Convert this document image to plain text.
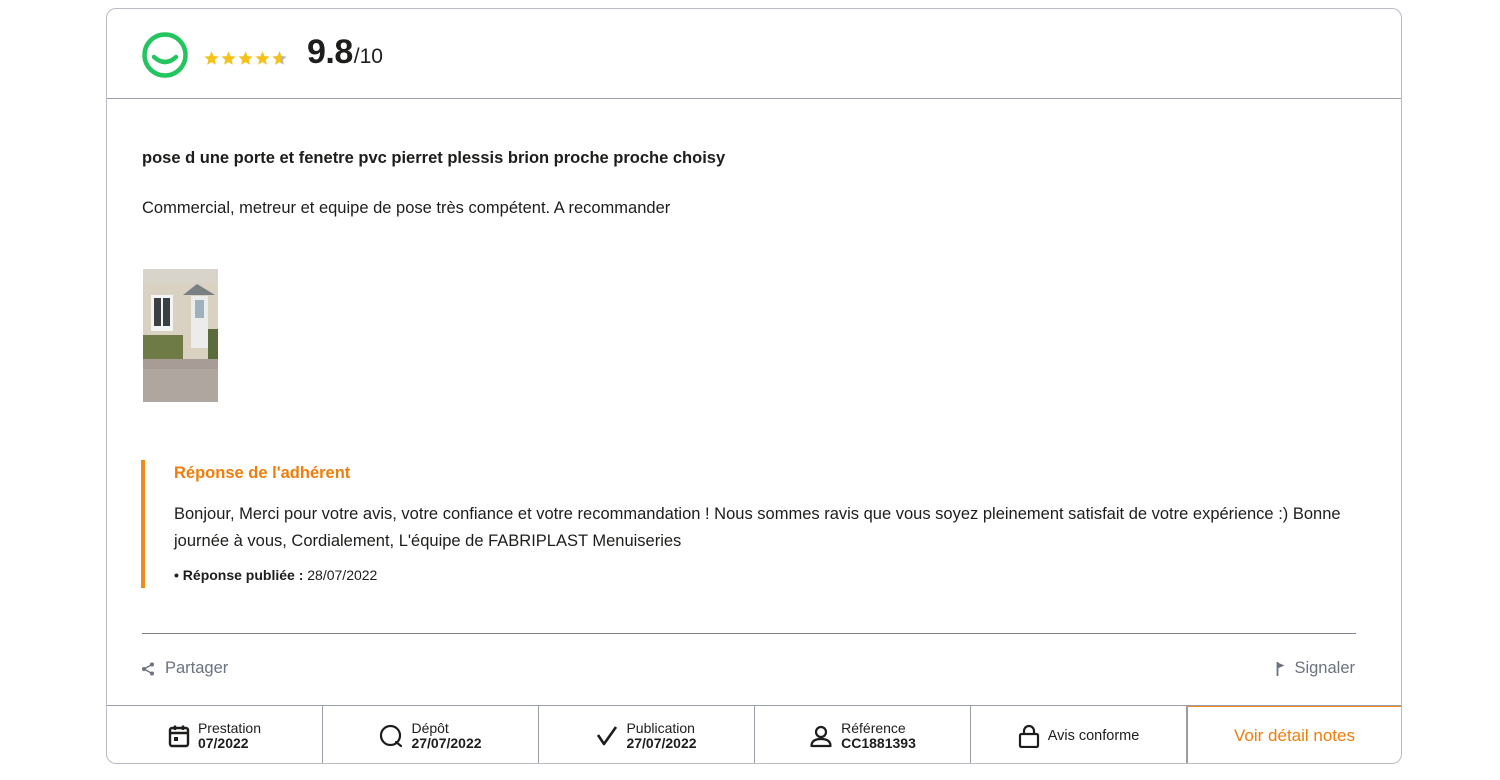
9.8 /10
pose d une porte et fenetre pvc pierret plessis brion proche proche choisy
Commercial, metreur et equipe de pose très compétent. A recommander
Réponse de l'adhérent
Bonjour, Merci pour votre avis, votre confiance et votre recommandation ! Nous sommes ravis que vous soyez pleinement satisfait de votre expérience :) Bonne journée à vous, Cordialement, L'équipe de FABRIPLAST Menuiseries
• Réponse publiée : 28/07/2022
Partager	Signaler
Prestation
07/2022
Dépôt
27/07/2022
Publication
27/07/2022
Référence
CC1881393	Avis conforme	Voir détail notes
